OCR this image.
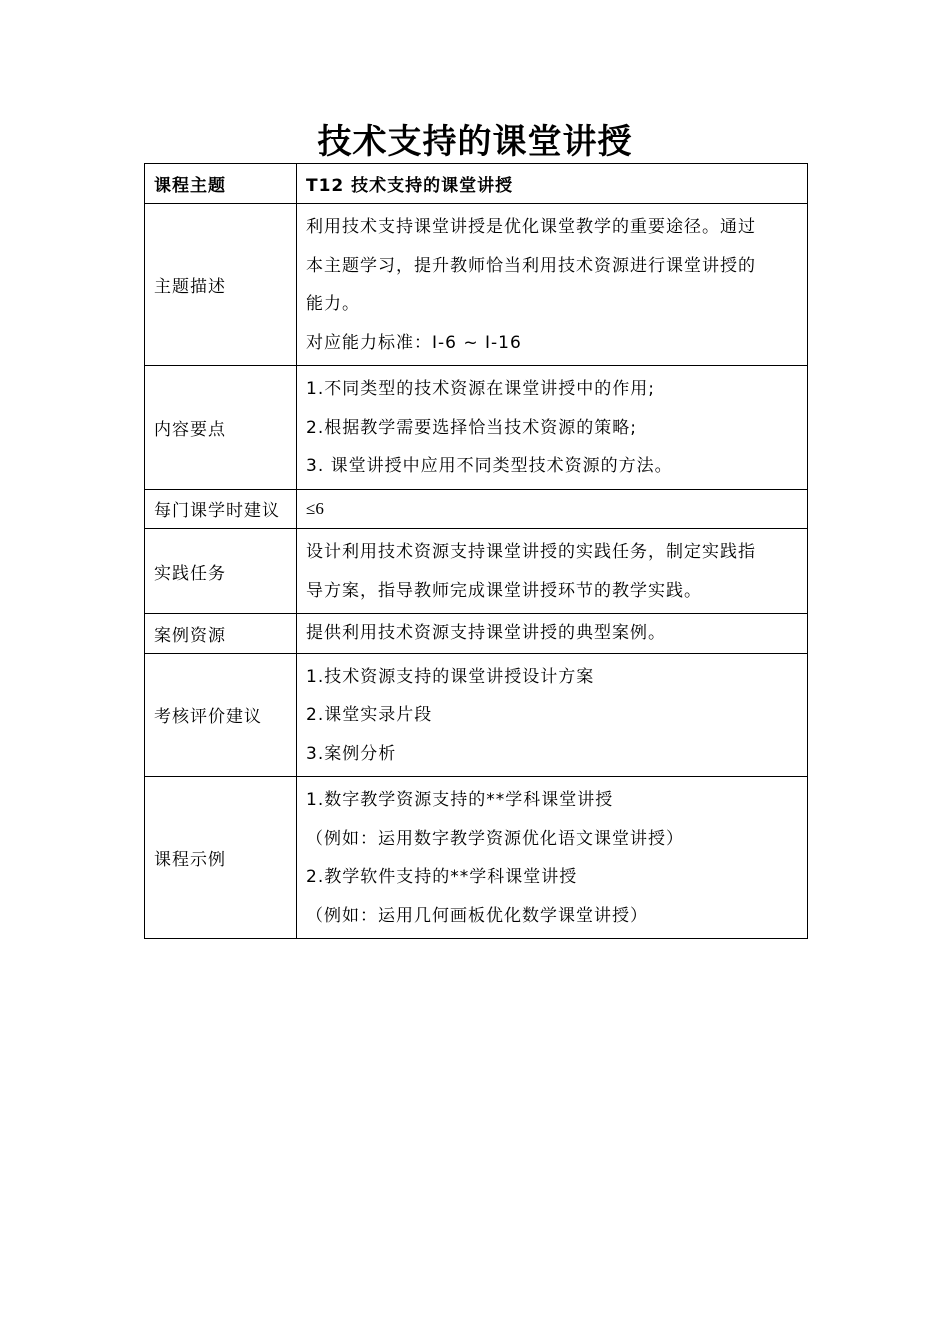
技术支持的课堂讲授
课程主题	T12 技术支持的课堂讲授
主题描述	利用技术支持课堂讲授是优化课堂教学的重要途径。通过
本主题学习，提升教师恰当利用技术资源进行课堂讲授的
能力。
对应能力标准：I-6 ~ I-16

内容要点	1.不同类型的技术资源在课堂讲授中的作用;
2.根据教学需要选择恰当技术资源的策略;
3. 课堂讲授中应用不同类型技术资源的方法。

每门课学时建议	≤6

实践任务	设计利用技术资源支持课堂讲授的实践任务，制定实践指
导方案，指导教师完成课堂讲授环节的教学实践。

案例资源	提供利用技术资源支持课堂讲授的典型案例。

考核评价建议	1.技术资源支持的课堂讲授设计方案
2.课堂实录片段
3.案例分析

课程示例	1.数字教学资源支持的**学科课堂讲授
（例如：运用数字教学资源优化语文课堂讲授）
2.教学软件支持的**学科课堂讲授
（例如：运用几何画板优化数学课堂讲授）
